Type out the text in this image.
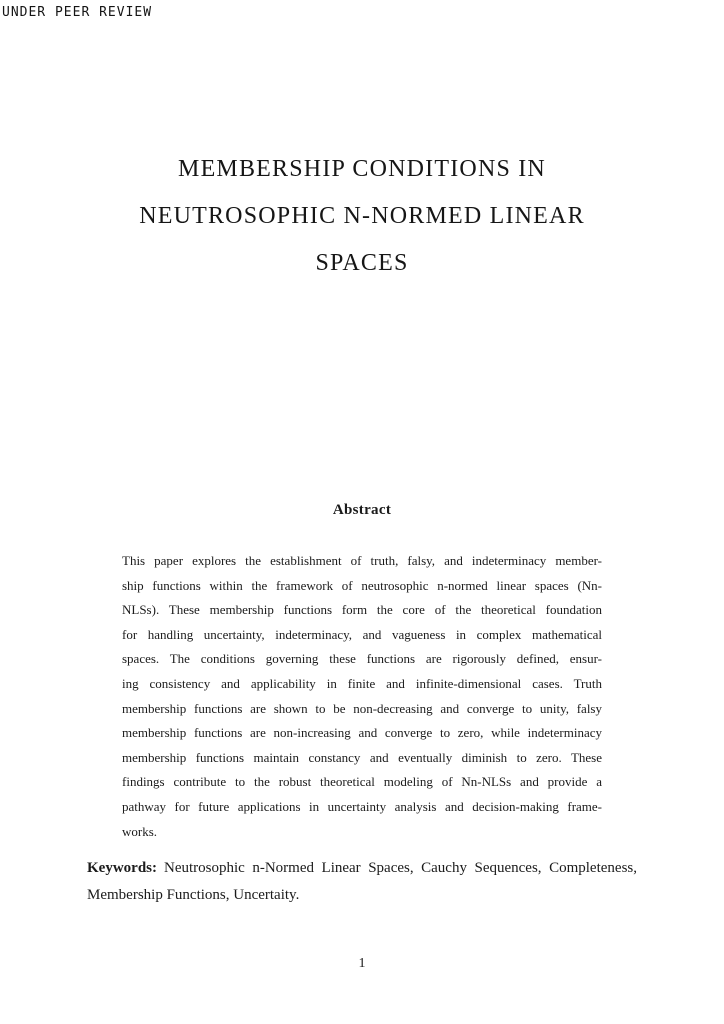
UNDER PEER REVIEW
MEMBERSHIP CONDITIONS IN
NEUTROSOPHIC N-NORMED LINEAR
SPACES
Abstract
This paper explores the establishment of truth, falsy, and indeterminacy member-
ship functions within the framework of neutrosophic n-normed linear spaces (Nn-
NLSs). These membership functions form the core of the theoretical foundation
for handling uncertainty, indeterminacy, and vagueness in complex mathematical
spaces. The conditions governing these functions are rigorously defined, ensur-
ing consistency and applicability in finite and infinite-dimensional cases. Truth
membership functions are shown to be non-decreasing and converge to unity, falsy
membership functions are non-increasing and converge to zero, while indeterminacy
membership functions maintain constancy and eventually diminish to zero. These
findings contribute to the robust theoretical modeling of Nn-NLSs and provide a
pathway for future applications in uncertainty analysis and decision-making frame-
works.
Keywords: Neutrosophic n-Normed Linear Spaces, Cauchy Sequences, Completeness,
Membership Functions, Uncertaity.
1
